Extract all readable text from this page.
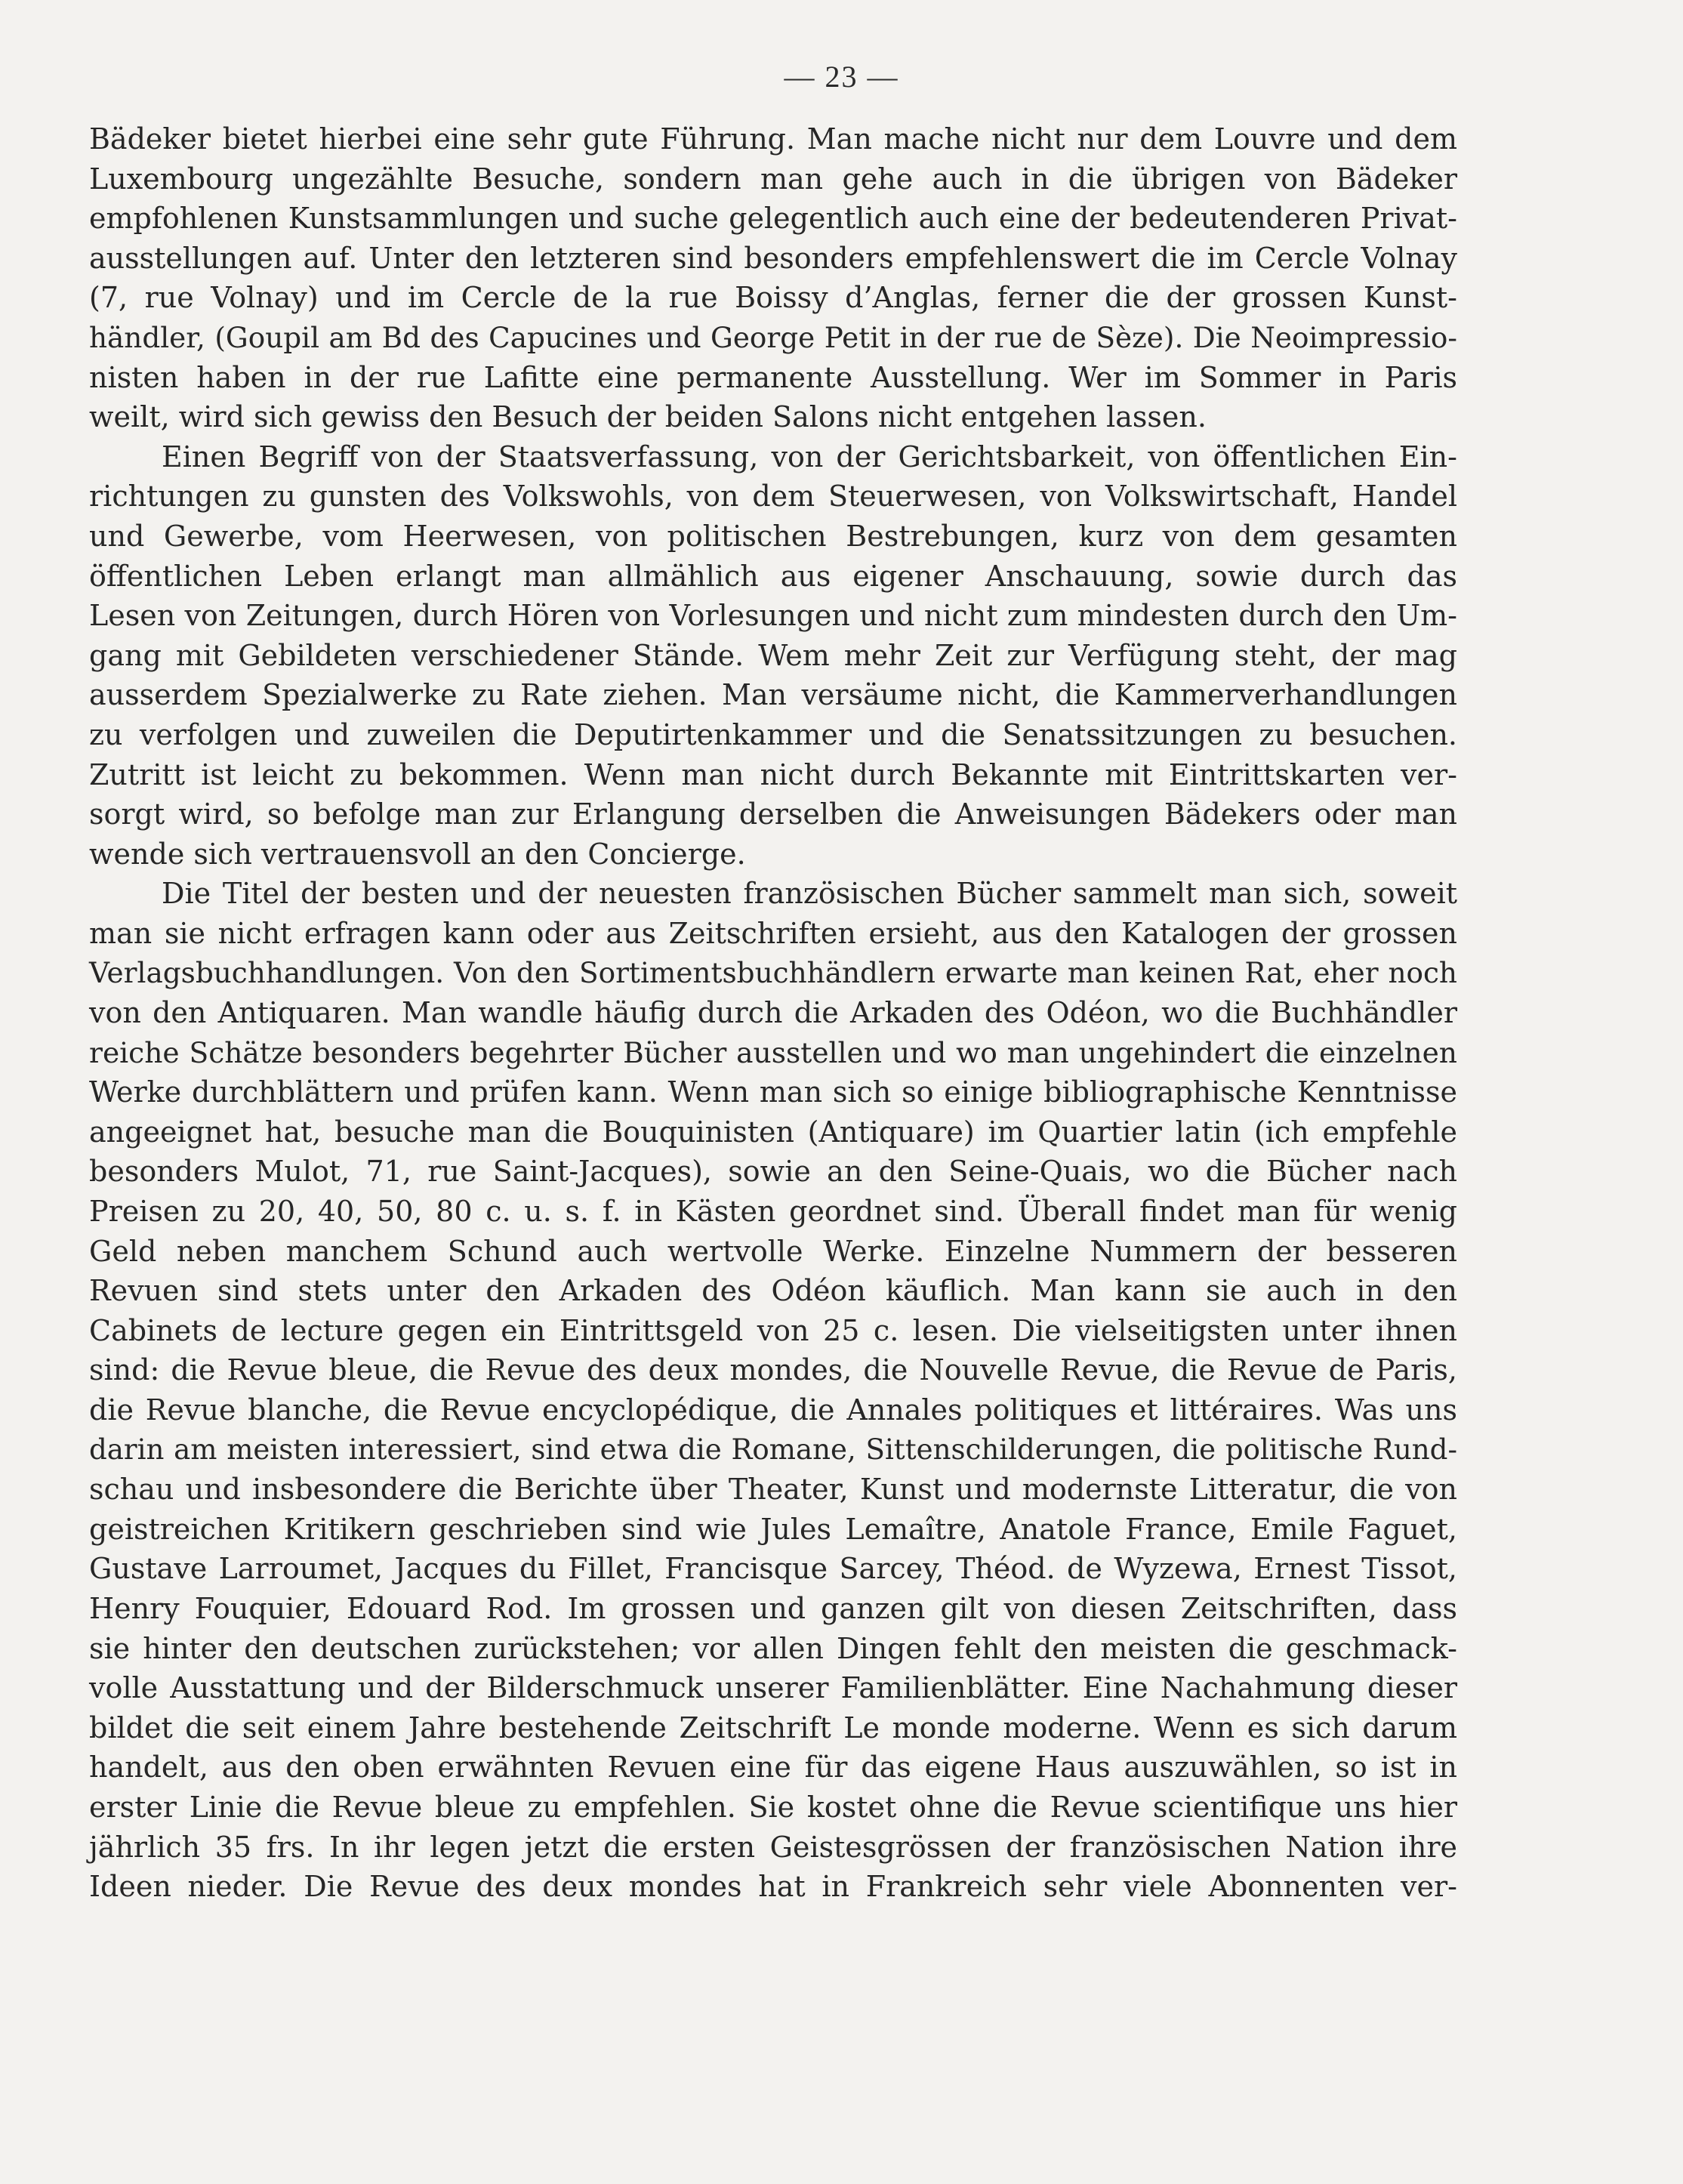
— 23 —
Bädeker bietet hierbei eine sehr gute Führung. Man mache nicht nur dem Louvre und dem
Luxembourg ungezählte Besuche, sondern man gehe auch in die übrigen von Bädeker
empfohlenen Kunstsammlungen und suche gelegentlich auch eine der bedeutenderen Privat-
ausstellungen auf. Unter den letzteren sind besonders empfehlenswert die im Cercle Volnay
(7, rue Volnay) und im Cercle de la rue Boissy d’Anglas, ferner die der grossen Kunst-
händler, (Goupil am Bd des Capucines und George Petit in der rue de Sèze). Die Neoimpressio-
nisten haben in der rue Lafitte eine permanente Ausstellung. Wer im Sommer in Paris
weilt, wird sich gewiss den Besuch der beiden Salons nicht entgehen lassen.
Einen Begriff von der Staatsverfassung, von der Gerichtsbarkeit, von öffentlichen Ein-
richtungen zu gunsten des Volkswohls, von dem Steuerwesen, von Volkswirtschaft, Handel
und Gewerbe, vom Heerwesen, von politischen Bestrebungen, kurz von dem gesamten
öffentlichen Leben erlangt man allmählich aus eigener Anschauung, sowie durch das
Lesen von Zeitungen, durch Hören von Vorlesungen und nicht zum mindesten durch den Um-
gang mit Gebildeten verschiedener Stände. Wem mehr Zeit zur Verfügung steht, der mag
ausserdem Spezialwerke zu Rate ziehen. Man versäume nicht, die Kammerverhandlungen
zu verfolgen und zuweilen die Deputirtenkammer und die Senatssitzungen zu besuchen.
Zutritt ist leicht zu bekommen. Wenn man nicht durch Bekannte mit Eintrittskarten ver-
sorgt wird, so befolge man zur Erlangung derselben die Anweisungen Bädekers oder man
wende sich vertrauensvoll an den Concierge.
Die Titel der besten und der neuesten französischen Bücher sammelt man sich, soweit
man sie nicht erfragen kann oder aus Zeitschriften ersieht, aus den Katalogen der grossen
Verlagsbuchhandlungen. Von den Sortimentsbuchhändlern erwarte man keinen Rat, eher noch
von den Antiquaren. Man wandle häufig durch die Arkaden des Odéon, wo die Buchhändler
reiche Schätze besonders begehrter Bücher ausstellen und wo man ungehindert die einzelnen
Werke durchblättern und prüfen kann. Wenn man sich so einige bibliographische Kenntnisse
angeeignet hat, besuche man die Bouquinisten (Antiquare) im Quartier latin (ich empfehle
besonders Mulot, 71, rue Saint-Jacques), sowie an den Seine-Quais, wo die Bücher nach
Preisen zu 20, 40, 50, 80 c. u. s. f. in Kästen geordnet sind. Überall findet man für wenig
Geld neben manchem Schund auch wertvolle Werke. Einzelne Nummern der besseren
Revuen sind stets unter den Arkaden des Odéon käuflich. Man kann sie auch in den
Cabinets de lecture gegen ein Eintrittsgeld von 25 c. lesen. Die vielseitigsten unter ihnen
sind: die Revue bleue, die Revue des deux mondes, die Nouvelle Revue, die Revue de Paris,
die Revue blanche, die Revue encyclopédique, die Annales politiques et littéraires. Was uns
darin am meisten interessiert, sind etwa die Romane, Sittenschilderungen, die politische Rund-
schau und insbesondere die Berichte über Theater, Kunst und modernste Litteratur, die von
geistreichen Kritikern geschrieben sind wie Jules Lemaître, Anatole France, Emile Faguet,
Gustave Larroumet, Jacques du Fillet, Francisque Sarcey, Théod. de Wyzewa, Ernest Tissot,
Henry Fouquier, Edouard Rod. Im grossen und ganzen gilt von diesen Zeitschriften, dass
sie hinter den deutschen zurückstehen; vor allen Dingen fehlt den meisten die geschmack-
volle Ausstattung und der Bilderschmuck unserer Familienblätter. Eine Nachahmung dieser
bildet die seit einem Jahre bestehende Zeitschrift Le monde moderne. Wenn es sich darum
handelt, aus den oben erwähnten Revuen eine für das eigene Haus auszuwählen, so ist in
erster Linie die Revue bleue zu empfehlen. Sie kostet ohne die Revue scientifique uns hier
jährlich 35 frs. In ihr legen jetzt die ersten Geistesgrössen der französischen Nation ihre
Ideen nieder. Die Revue des deux mondes hat in Frankreich sehr viele Abonnenten ver-
